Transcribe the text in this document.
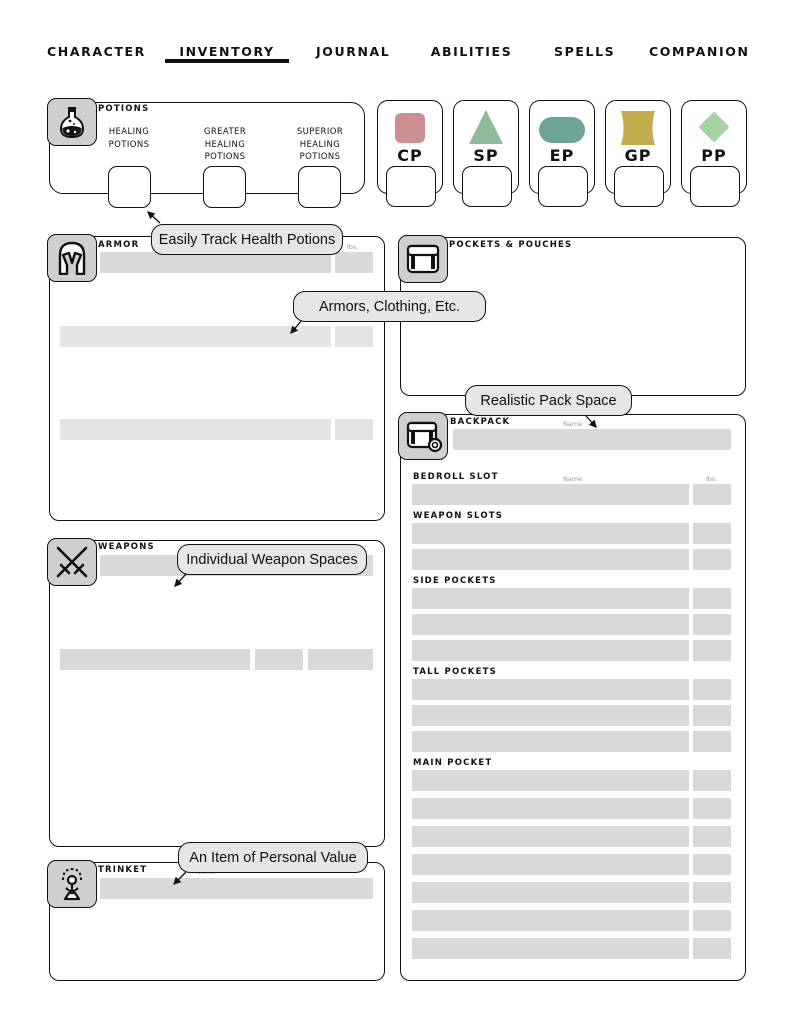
CHARACTER	INVENTORY	JOURNAL	ABILITIES	SPELLS	COMPANION
POTIONS
HEALING
POTIONS
GREATER
HEALING
POTIONS
SUPERIOR
HEALING
POTIONS	CP	SP	EP	GP	PP
ARMOR	lbs.
WEAPONS
TRINKET
POCKETS & POUCHES
BACKPACK	Name
BEDROLL SLOT	Name	lbs.
WEAPON SLOTS
SIDE POCKETS
TALL POCKETS
MAIN POCKET
Easily Track Health Potions
Armors, Clothing, Etc.
Realistic Pack Space
Individual Weapon Spaces
An Item of Personal Value
